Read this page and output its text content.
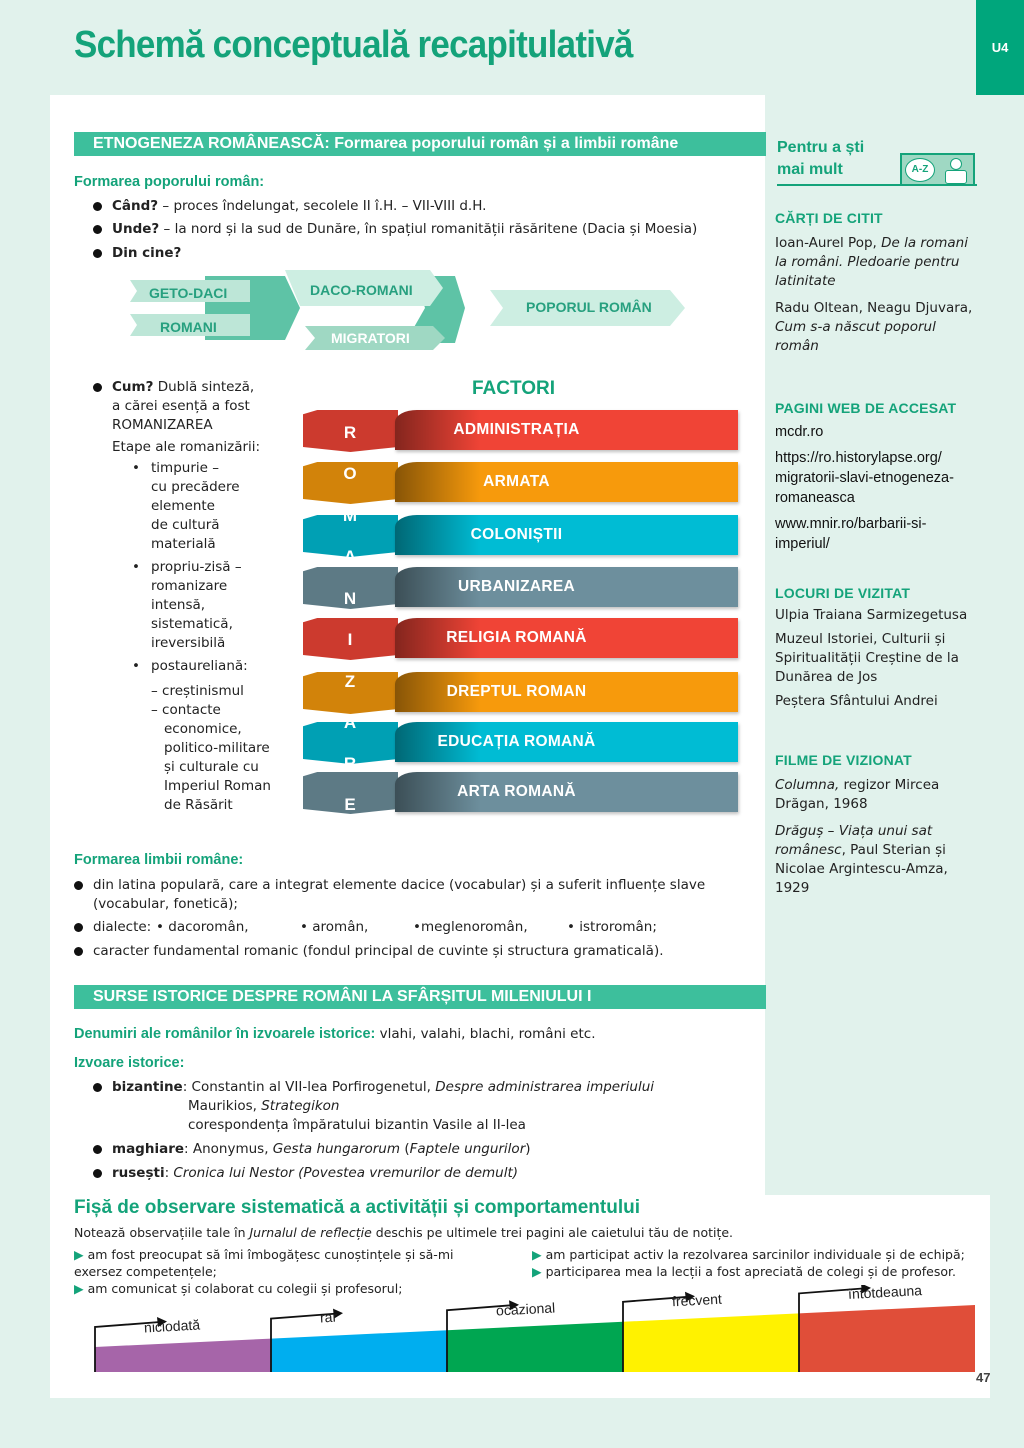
Schemă conceptuală recapitulativă	U4
ETNOGENEZA ROMÂNEASCĂ: Formarea poporului român și a limbii române
Formarea poporului român:
Când? – proces îndelungat, secolele II î.H. – VII-VIII d.H.
Unde? – la nord și la sud de Dunăre, în spațiul romanității răsăritene (Dacia și Moesia)
Din cine?
GETO-DACI
ROMANI
DACO-ROMANI
MIGRATORI
POPORUL ROMÂN
Cum? Dublă sinteză,
a cărei esență a fost
ROMANIZAREA
Etape ale romanizării:
• timpurie –
cu precădere
elemente
de cultură
materială
• propriu-zisă –
romanizare
intensă,
sistematică,
ireversibilă
• postaureliană:
– creștinismul
– contacte
economice,
politico-militare
și culturale cu
Imperiul Roman
de Răsărit
FACTORI
ADMINISTRAȚIA
ARMATA
COLONIȘTII
URBANIZAREA
RELIGIA ROMANĂ
DREPTUL ROMAN
EDUCAȚIA ROMANĂ
ARTA ROMANĂ
R
O
M
A
N
I
Z
A
R
E
Formarea limbii române:
din latina populară, care a integrat elemente dacice (vocabular) și a suferit influențe slave
(vocabular, fonetică);
dialecte: • dacoromân,	• aromân,	•meglenoromân,	• istroromân;
caracter fundamental romanic (fondul principal de cuvinte și structura gramaticală).
SURSE ISTORICE DESPRE ROMÂNI LA SFÂRȘITUL MILENIULUI I
Denumiri ale românilor în izvoarele istorice: vlahi, valahi, blachi, români etc.
Izvoare istorice:
bizantine: Constantin al VII-lea Porfirogenetul, Despre administrarea imperiului
Maurikios, Strategikon
corespondența împăratului bizantin Vasile al II-lea
maghiare: Anonymus, Gesta hungarorum (Faptele ungurilor)
rusești: Cronica lui Nestor (Povestea vremurilor de demult)
Fișă de observare sistematică a activității și comportamentului
Notează observațiile tale în Jurnalul de reflecție deschis pe ultimele trei pagini ale caietului tău de notițe.
▶ am fost preocupat să îmi îmbogățesc cunoștințele și să-mi
exersez competențele;
▶ am comunicat și colaborat cu colegii și profesorul;
▶ am participat activ la rezolvarea sarcinilor individuale și de echipă;
▶ participarea mea la lecții a fost apreciată de colegi și de profesor.
niciodată	rar	ocazional	frecvent	întotdeauna
Pentru a ști
mai mult	A-Z

CĂRȚI DE CITIT

Ioan-Aurel Pop, De la romani
la români. Pledoarie pentru
latinitate

Radu Oltean, Neagu Djuvara,
Cum s-a născut poporul
român

PAGINI WEB DE ACCESAT

mcdr.ro

https://ro.historylapse.org/
migratorii-slavi-etnogeneza-
romaneasca

www.mnir.ro/barbarii-si-
imperiul/

LOCURI DE VIZITAT

Ulpia Traiana Sarmizegetusa

Muzeul Istoriei, Culturii și
Spiritualității Creștine de la
Dunărea de Jos

Peștera Sfântului Andrei

FILME DE VIZIONAT

Columna, regizor Mircea
Drăgan, 1968

Drăguș – Viața unui sat
românesc, Paul Sterian și
Nicolae Argintescu-Amza,
1929

47
